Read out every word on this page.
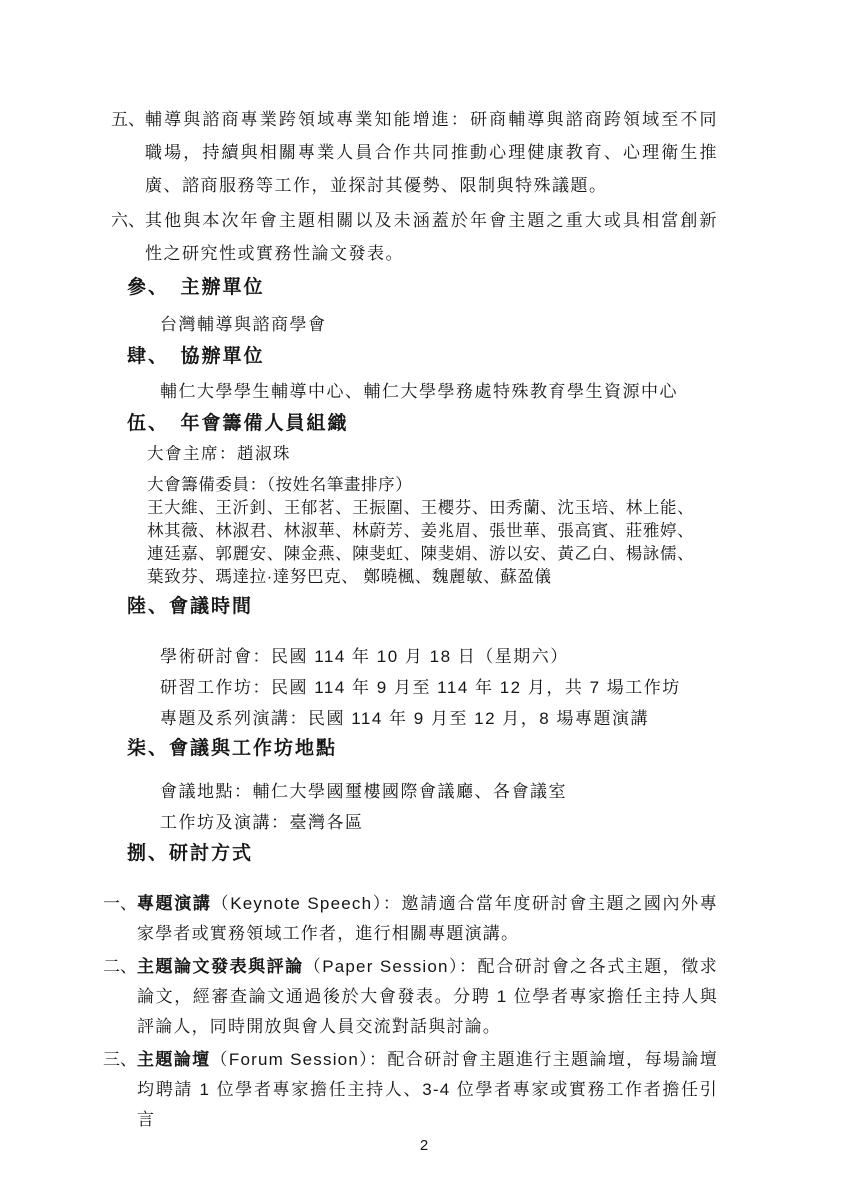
五、 輔導與諮商專業跨領域專業知能增進：研商輔導與諮商跨領域至不同職場，持續與相關專業人員合作共同推動心理健康教育、心理衛生推廣、諮商服務等工作，並探討其優勢、限制與特殊議題。
六、 其他與本次年會主題相關以及未涵蓋於年會主題之重大或具相當創新性之研究性或實務性論文發表。
參、　主辦單位
台灣輔導與諮商學會
肆、　協辦單位
輔仁大學學生輔導中心、輔仁大學學務處特殊教育學生資源中心
伍、　年會籌備人員組織
大會主席：趙淑珠
大會籌備委員：（按姓名筆畫排序）
王大維、王沂釗、王郁茗、王振圍、王櫻芬、田秀蘭、沈玉培、林上能、
林其薇、林淑君、林淑華、林蔚芳、姜兆眉、張世華、張高賓、莊雅婷、
連廷嘉、郭麗安、陳金燕、陳斐虹、陳斐娟、游以安、黃乙白、楊詠儒、
葉致芬、瑪達拉·達努巴克、 鄭曉楓、魏麗敏、蘇盈儀
陸、會議時間
學術研討會：民國 114 年 10 月 18 日（星期六）
研習工作坊：民國 114 年 9 月至 114 年 12 月，共 7 場工作坊
專題及系列演講：民國 114 年 9 月至 12 月，8 場專題演講
柒、會議與工作坊地點
會議地點：輔仁大學國璽樓國際會議廳、各會議室
工作坊及演講：臺灣各區
捌、研討方式
一、 專題演講（Keynote Speech）：邀請適合當年度研討會主題之國內外專家學者或實務領域工作者，進行相關專題演講。
二、 主題論文發表與評論（Paper Session）：配合研討會之各式主題，徵求論文，經審查論文通過後於大會發表。分聘 1 位學者專家擔任主持人與評論人，同時開放與會人員交流對話與討論。
三、 主題論壇（Forum Session）：配合研討會主題進行主題論壇，每場論壇均聘請 1 位學者專家擔任主持人、3-4 位學者專家或實務工作者擔任引言
2
